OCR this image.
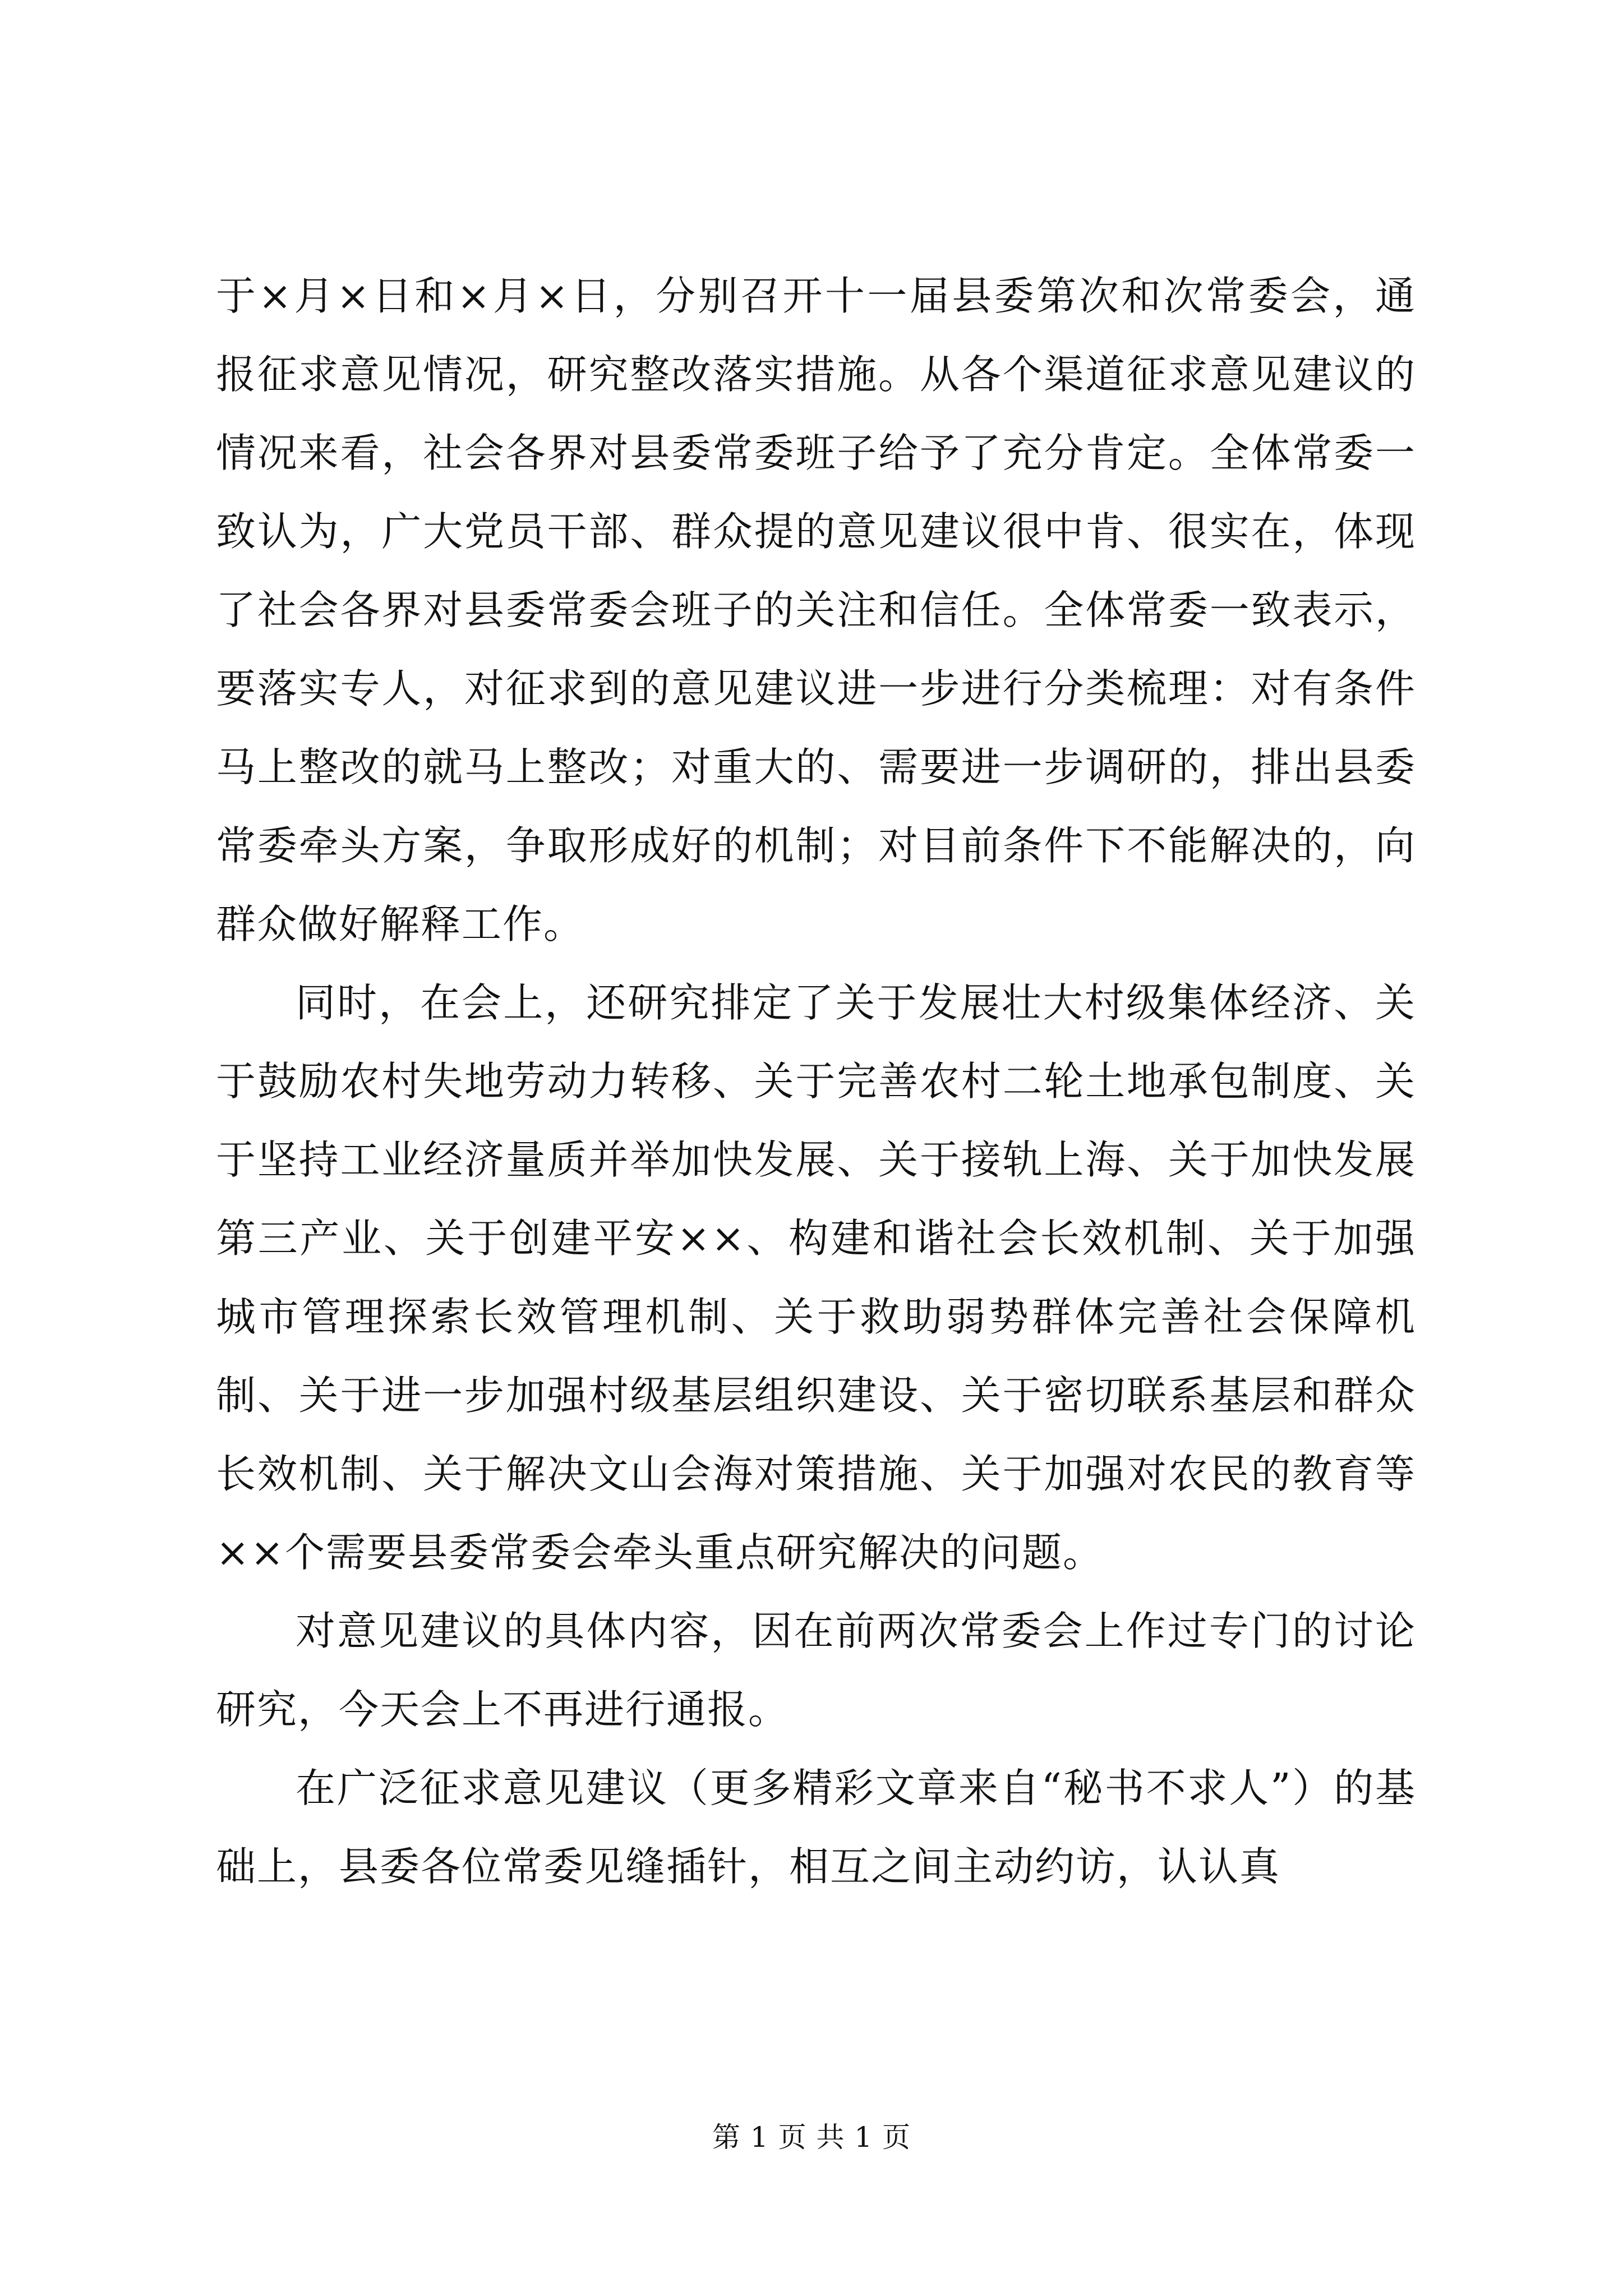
于×月×日和×月×日，分别召开十一届县委第次和次常委会，通报征求意见情况，研究整改落实措施。从各个渠道征求意见建议的情况来看，社会各界对县委常委班子给予了充分肯定。全体常委一致认为，广大党员干部、群众提的意见建议很中肯、很实在，体现了社会各界对县委常委会班子的关注和信任。全体常委一致表示，要落实专人，对征求到的意见建议进一步进行分类梳理：对有条件马上整改的就马上整改；对重大的、需要进一步调研的，排出县委常委牵头方案，争取形成好的机制；对目前条件下不能解决的，向群众做好解释工作。

同时，在会上，还研究排定了关于发展壮大村级集体经济、关于鼓励农村失地劳动力转移、关于完善农村二轮土地承包制度、关于坚持工业经济量质并举加快发展、关于接轨上海、关于加快发展第三产业、关于创建平安××、构建和谐社会长效机制、关于加强城市管理探索长效管理机制、关于救助弱势群体完善社会保障机制、关于进一步加强村级基层组织建设、关于密切联系基层和群众长效机制、关于解决文山会海对策措施、关于加强对农民的教育等××个需要县委常委会牵头重点研究解决的问题。

对意见建议的具体内容，因在前两次常委会上作过专门的讨论研究，今天会上不再进行通报。

在广泛征求意见建议（更多精彩文章来自“秘书不求人”）的基础上，县委各位常委见缝插针，相互之间主动约访，认认真

第 1 页 共 1 页
